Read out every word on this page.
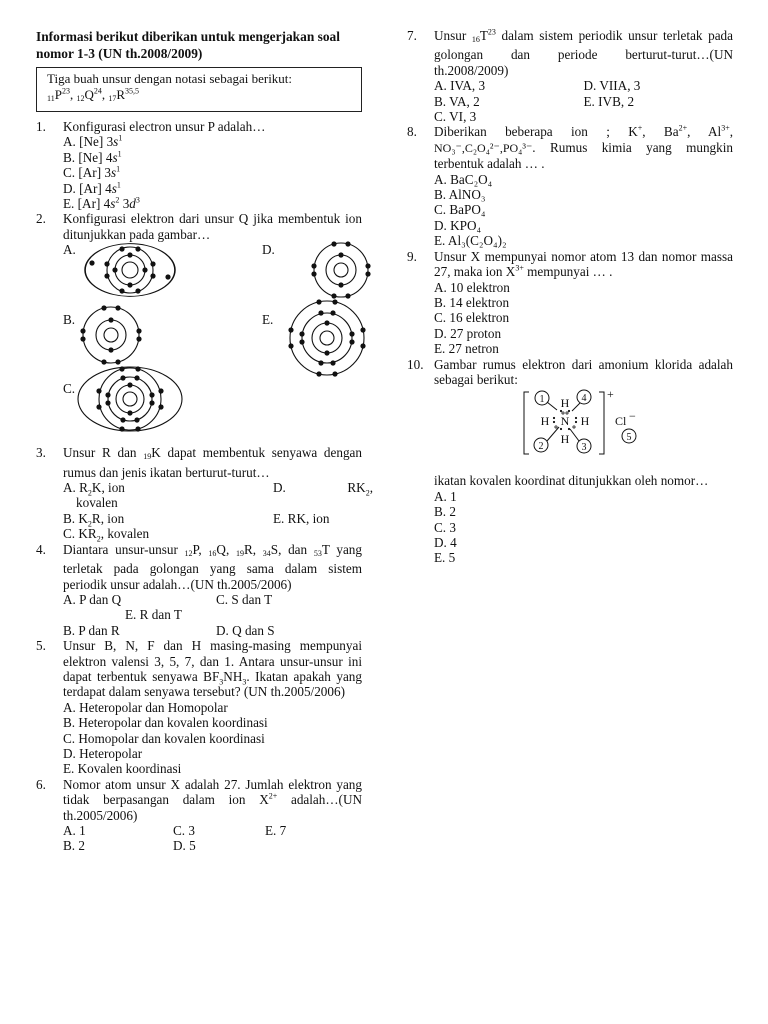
Informasi berikut diberikan untuk mengerjakan soal nomor 1-3 (UN th.2008/2009)
Tiga buah unsur dengan notasi sebagai berikut:
$11P^{23}$, $12Q^{24}$, $17R^{35,5}$
1.	Konfigurasi electron unsur P adalah…
A. [Ne] $3s^1$
B. [Ne] $4s^1$
C. [Ar] $3s^1$
D. [Ar] $4s^1$
E. [Ar] $4s^2$ $3d^3$
2.	Konfigurasi elektron dari unsur Q jika membentuk ion ditunjukkan pada gambar…
A.	D.
B.	E.
C.
3.	Unsur R dan 19K dapat membentuk senyawa dengan rumus dan jenis ikatan berturut-turut…
A. $R_2K$, ion	D.	$RK_2$,
kovalen
B. $K_2R$, ion	E. RK, ion
C. $KR_2$, kovalen
4.	Diantara unsur-unsur 12P, 16Q, 19R, 34S, dan 53T yang terletak pada golongan yang sama dalam sistem periodik unsur adalah…(UN th.2005/2006)
A. P dan Q	C. S dan T
E. R dan T
B. P dan R	D. Q dan S
5.	Unsur B, N, F dan H masing-masing mempunyai elektron valensi 3, 5, 7, dan 1. Antara unsur-unsur ini dapat terbentuk senyawa $BF_3NH_3$. Ikatan apakah yang terdapat dalam senyawa tersebut? (UN th.2005/2006)
A. Heteropolar dan Homopolar
B. Heteropolar dan kovalen koordinasi
C. Homopolar dan kovalen koordinasi
D. Heteropolar
E. Kovalen koordinasi
6.	Nomor atom unsur X adalah 27. Jumlah elektron yang tidak berpasangan dalam ion $X^{2+}$ adalah…(UN th.2005/2006)
A. 1	C. 3	E. 7
B. 2	D. 5
7.	Unsur $16T^{23}$ dalam sistem periodik unsur terletak pada golongan dan periode berturut-turut…(UN th.2008/2009)
A. IVA, 3	D. VIIA, 3
B. VA, 2	E. IVB, 2
C. VI, 3
8.	Diberikan beberapa ion ; K+, $Ba^{2+}$, $Al^{3+}$, NO₃⁻,C₂O₄²⁻,PO₄³⁻. Rumus kimia yang mungkin terbentuk adalah … .
A. BaC₂O₄
B. AlNO₃
C. BaPO₄
D. KPO₄
E. Al₃(C₂O₄)₂
9.	Unsur X mempunyai nomor atom 13 dan nomor massa 27, maka ion $X^{3+}$ mempunyai … .
A. 10 elektron
B. 14 elektron
C. 16 elektron
D. 27 proton
E. 27 netron
10. Gambar rumus elektron dari amonium klorida adalah sebagai berikut:
H
H N H
H
+
Cl −
1	4
2	3
5
ikatan kovalen koordinat ditunjukkan oleh nomor…
A. 1
B. 2
C. 3
D. 4
E. 5
